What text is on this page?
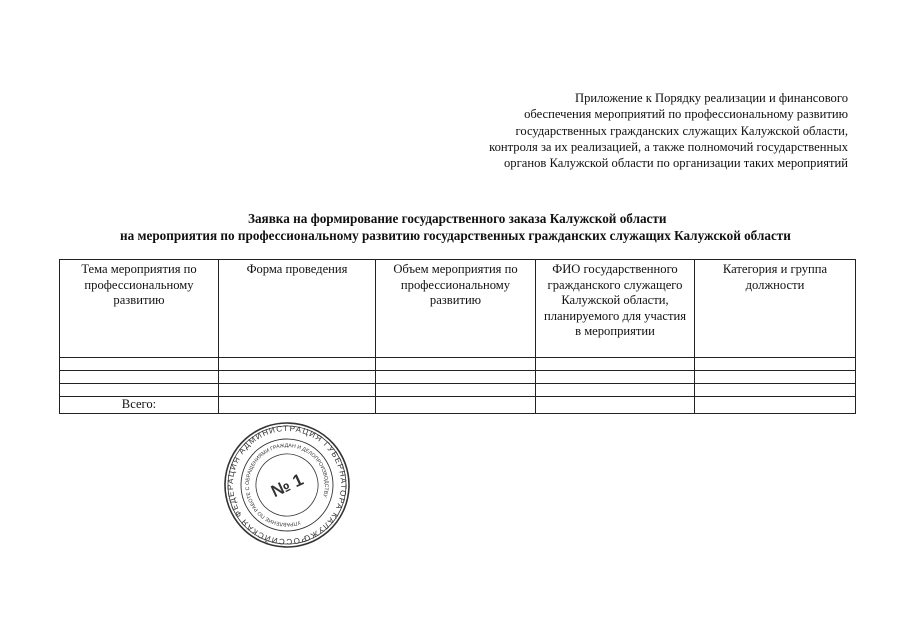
Приложение к Порядку реализации и финансового
обеспечения мероприятий по профессиональному развитию
государственных гражданских служащих Калужской области,
контроля за их реализацией, а также полномочий государственных
органов Калужской области по организации таких мероприятий
Заявка на формирование государственного заказа Калужской области
на мероприятия по профессиональному развитию государственных гражданских служащих Калужской области
Тема мероприятия по профессиональному развитию	Форма проведения	Объем мероприятия по профессиональному развитию	ФИО государственного гражданского служащего Калужской области, планируемого для участия в мероприятии	Категория и группа должности

Всего:				
РОССИЙСКАЯ ФЕДЕРАЦИЯ АДМИНИСТРАЦИЯ ГУБЕРНАТОРА КАЛУЖСКОЙ
УПРАВЛЕНИЕ ПО РАБОТЕ С ОБРАЩЕНИЯМИ ГРАЖДАН И ДЕЛОПРОИЗВОДСТВУ
№ 1
